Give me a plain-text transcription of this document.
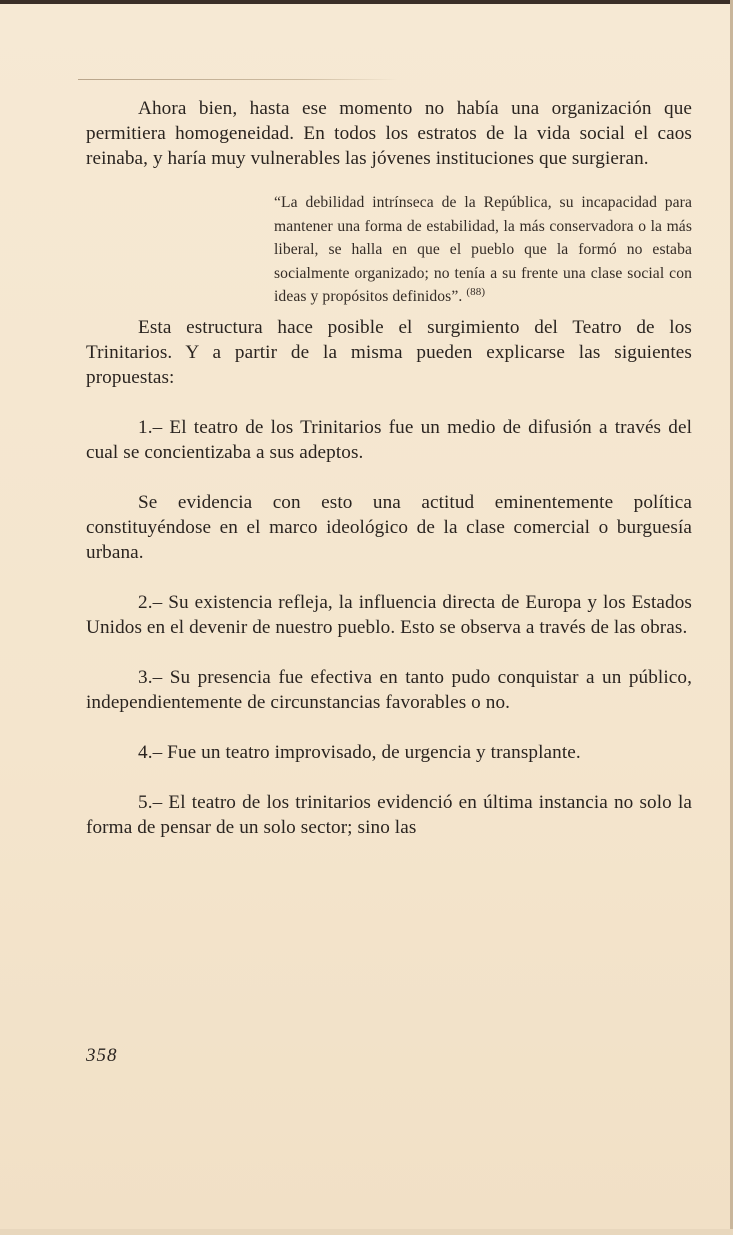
Ahora bien, hasta ese momento no había una organización que permitiera homogeneidad. En todos los estratos de la vida social el caos reinaba, y haría muy vulnerables las jóvenes instituciones que surgieran.

“La debilidad intrínseca de la República, su incapacidad para mantener una forma de estabilidad, la más conservadora o la más liberal, se halla en que el pueblo que la formó no estaba socialmente organizado; no tenía a su frente una clase social con ideas y propósitos definidos”. $^{(88)}$

Esta estructura hace posible el surgimiento del Teatro de los Trinitarios. Y a partir de la misma pueden explicarse las siguientes propuestas:

1.– El teatro de los Trinitarios fue un medio de difusión a través del cual se concientizaba a sus adeptos.

Se evidencia con esto una actitud eminentemente política constituyéndose en el marco ideológico de la clase comercial o burguesía urbana.

2.– Su existencia refleja, la influencia directa de Europa y los Estados Unidos en el devenir de nuestro pueblo. Esto se observa a través de las obras.

3.– Su presencia fue efectiva en tanto pudo conquistar a un público, independientemente de circunstancias favorables o no.

4.– Fue un teatro improvisado, de urgencia y transplante.

5.– El teatro de los trinitarios evidenció en última instancia no solo la forma de pensar de un solo sector; sino las

358
